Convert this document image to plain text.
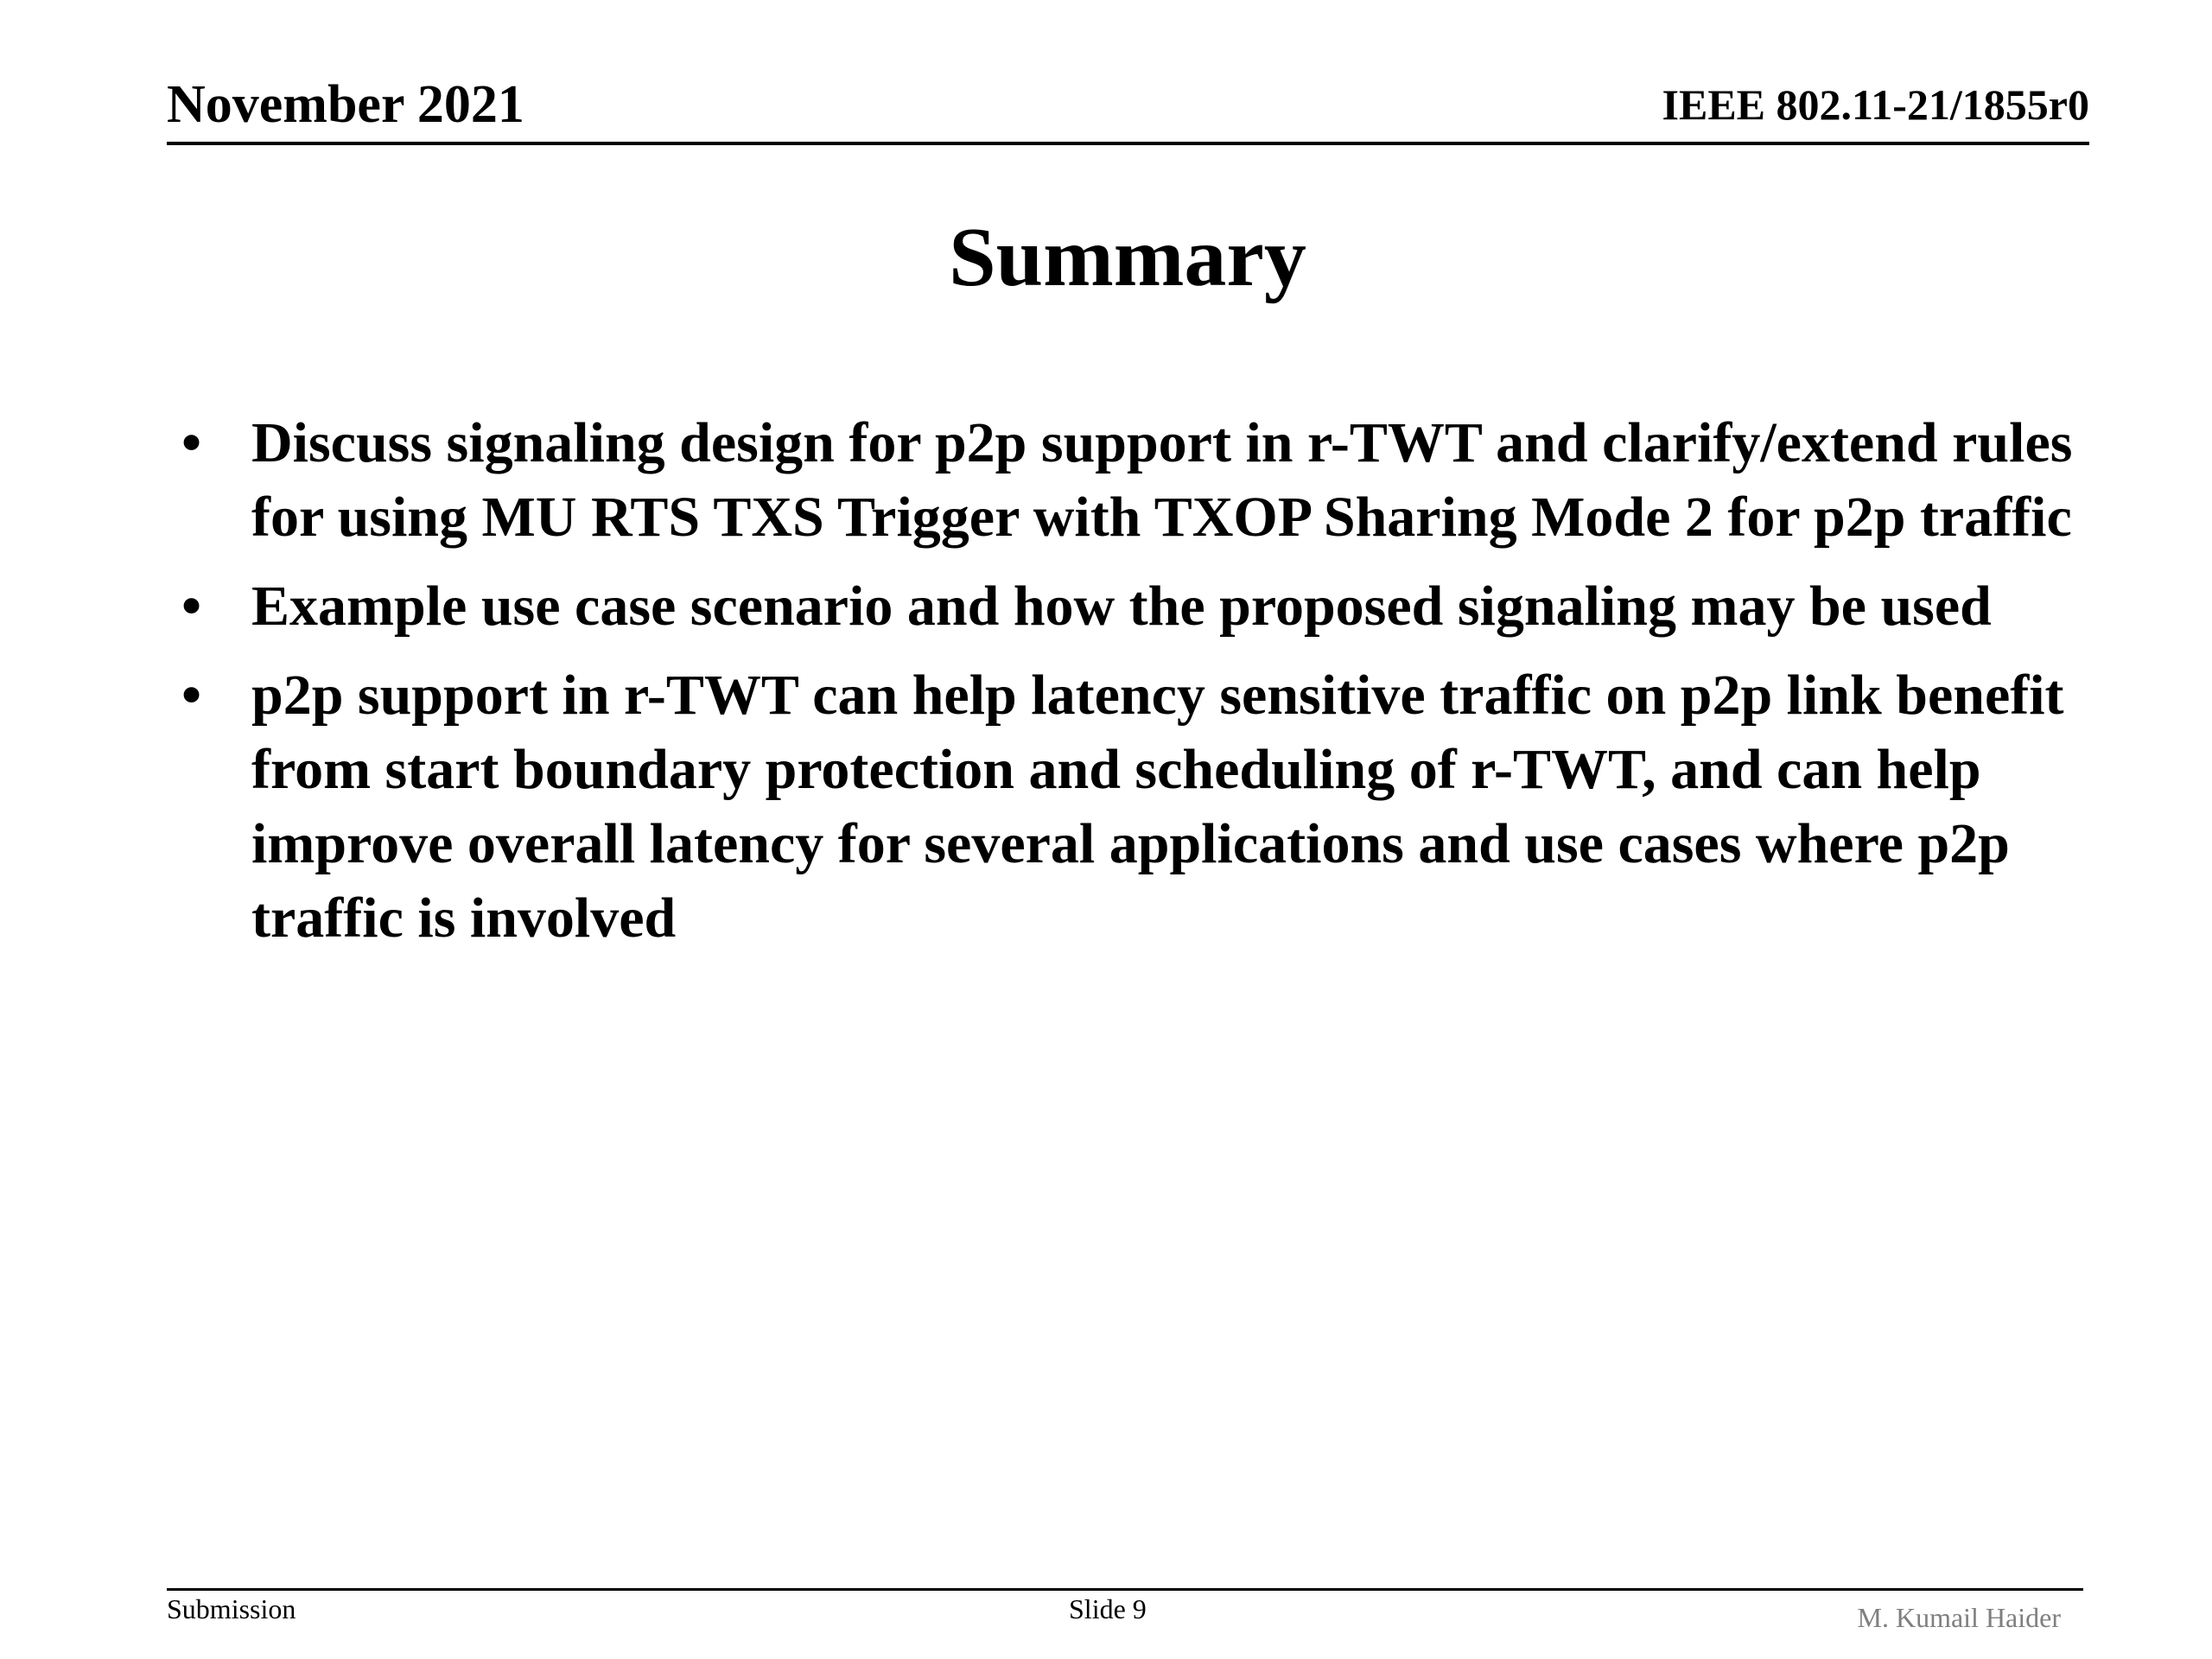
November 2021	IEEE 802.11-21/1855r0
Summary
• Discuss signaling design for p2p support in r-TWT and clarify/extend rules for using MU RTS TXS Trigger with TXOP Sharing Mode 2 for p2p traffic
• Example use case scenario and how the proposed signaling may be used
• p2p support in r-TWT can help latency sensitive traffic on p2p link benefit from start boundary protection and scheduling of r-TWT, and can help improve overall latency for several applications and use cases where p2p traffic is involved
Submission	Slide 9	M. Kumail Haider
